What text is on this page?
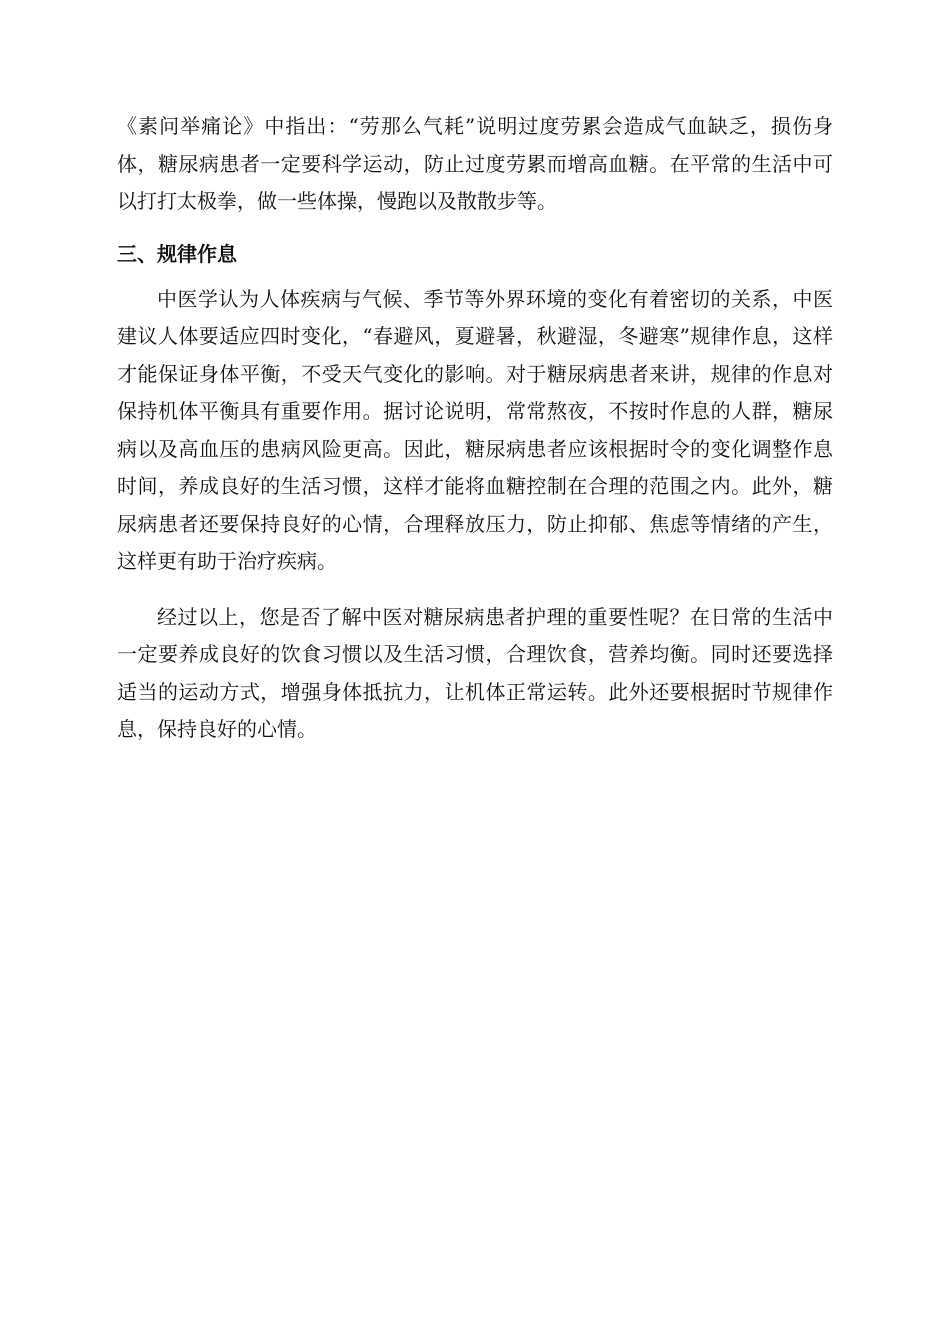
《素问举痛论》中指出：“劳那么气耗”说明过度劳累会造成气血缺乏，损伤身体，糖尿病患者一定要科学运动，防止过度劳累而增高血糖。在平常的生活中可以打打太极拳，做一些体操，慢跑以及散散步等。

三、规律作息

中医学认为人体疾病与气候、季节等外界环境的变化有着密切的关系，中医建议人体要适应四时变化，“春避风，夏避暑，秋避湿，冬避寒”规律作息，这样才能保证身体平衡，不受天气变化的影响。对于糖尿病患者来讲，规律的作息对保持机体平衡具有重要作用。据讨论说明，常常熬夜，不按时作息的人群，糖尿病以及高血压的患病风险更高。因此，糖尿病患者应该根据时令的变化调整作息时间，养成良好的生活习惯，这样才能将血糖控制在合理的范围之内。此外，糖尿病患者还要保持良好的心情，合理释放压力，防止抑郁、焦虑等情绪的产生，这样更有助于治疗疾病。

经过以上，您是否了解中医对糖尿病患者护理的重要性呢？在日常的生活中一定要养成良好的饮食习惯以及生活习惯，合理饮食，营养均衡。同时还要选择适当的运动方式，增强身体抵抗力，让机体正常运转。此外还要根据时节规律作息，保持良好的心情。
